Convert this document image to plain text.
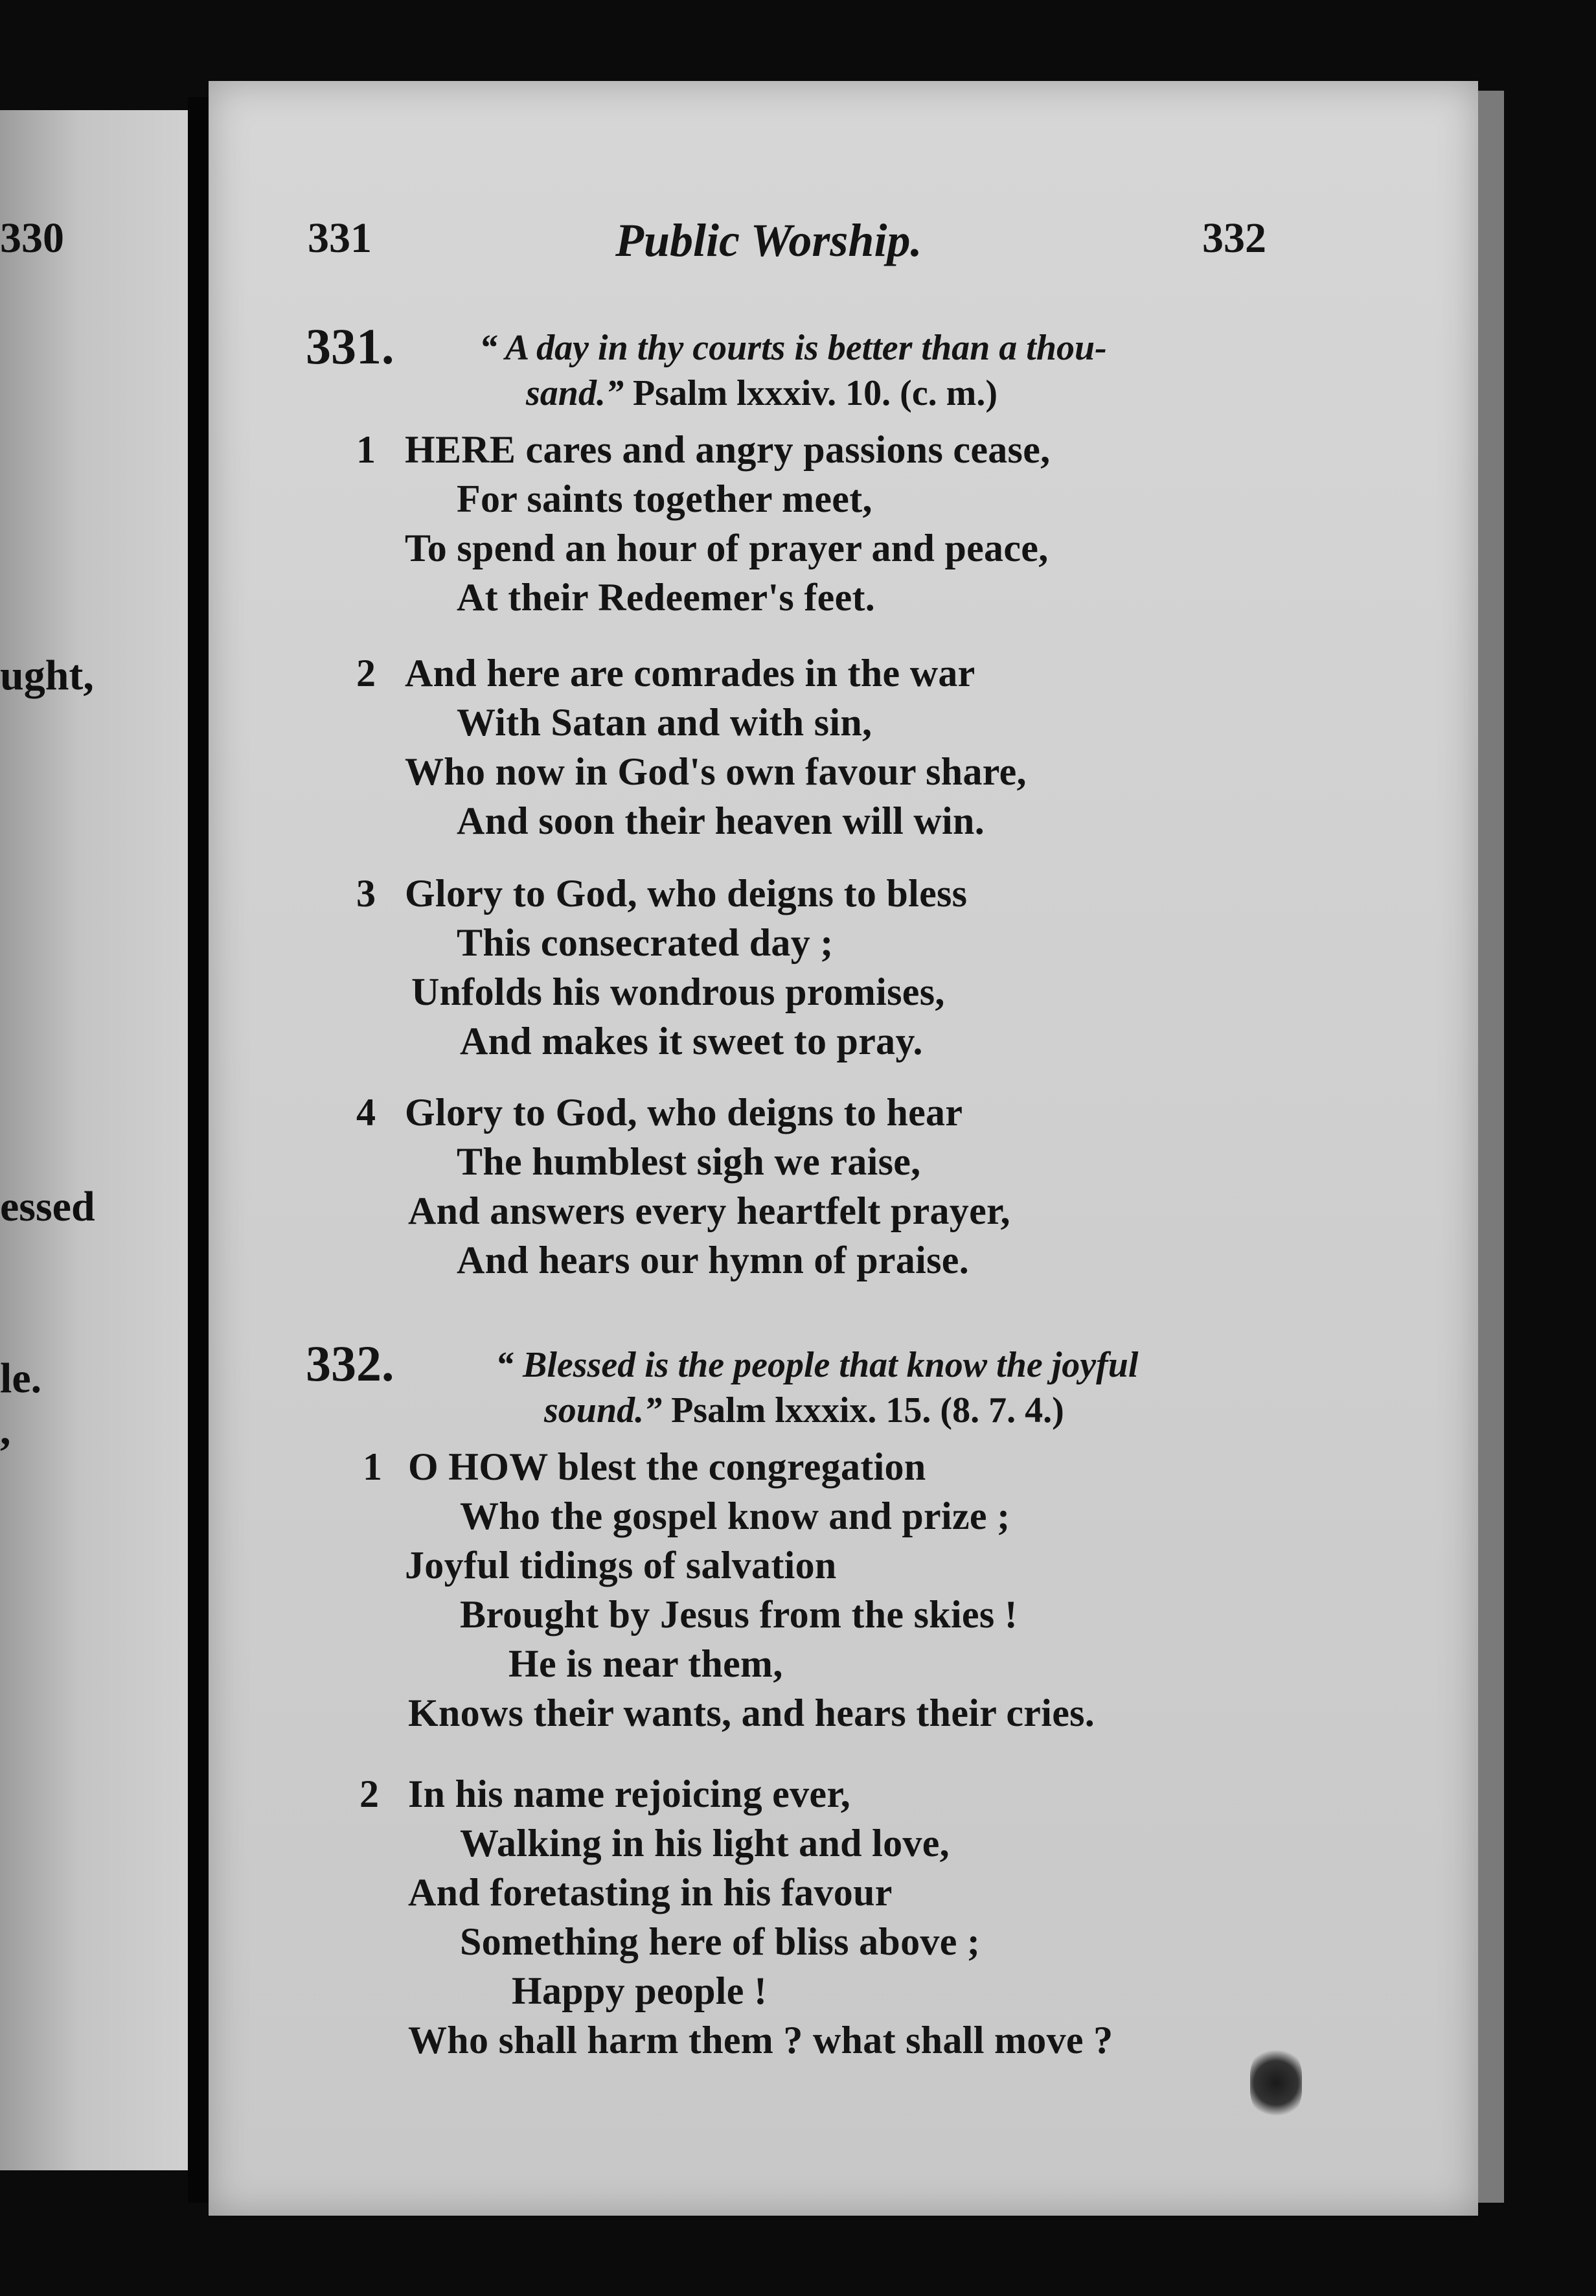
330
ught,
essed
le.
,
331	Public Worship.	332
331. “ A day in thy courts is better than a thou-
sand.” Psalm lxxxiv. 10. (c. m.)
1 HERE cares and angry passions cease,
For saints together meet,
To spend an hour of prayer and peace,
At their Redeemer's feet.
2 And here are comrades in the war
With Satan and with sin,
Who now in God's own favour share,
And soon their heaven will win.
3 Glory to God, who deigns to bless
This consecrated day ;
Unfolds his wondrous promises,
And makes it sweet to pray.
4 Glory to God, who deigns to hear
The humblest sigh we raise,
And answers every heartfelt prayer,
And hears our hymn of praise.
332.	“ Blessed is the people that know the joyful
sound.” Psalm lxxxix. 15. (8. 7. 4.)
1 O HOW blest the congregation
Who the gospel know and prize ;
Joyful tidings of salvation
Brought by Jesus from the skies !
He is near them,
Knows their wants, and hears their cries.
2 In his name rejoicing ever,
Walking in his light and love,
And foretasting in his favour
Something here of bliss above ;
Happy people !
Who shall harm them ? what shall move ?
